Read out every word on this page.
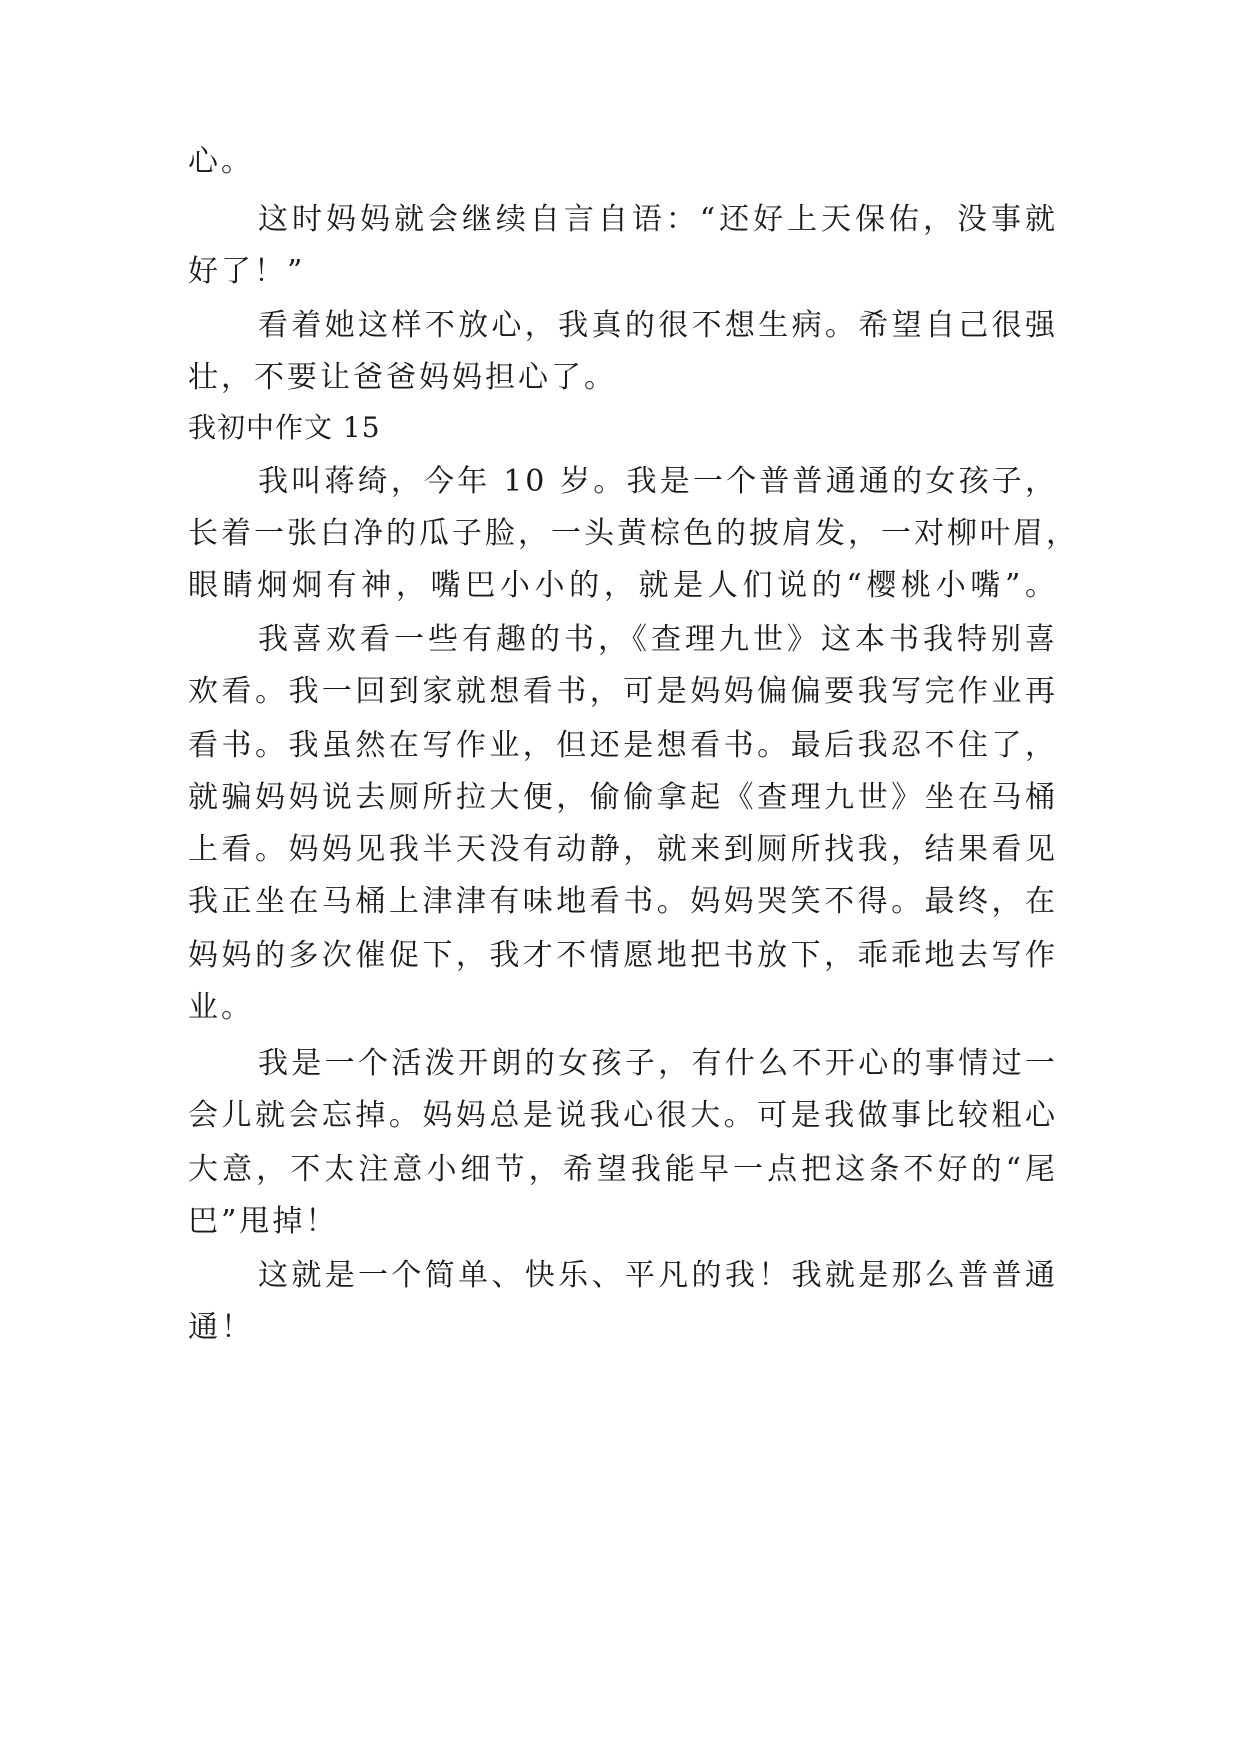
心。
这时妈妈就会继续自言自语：“还好上天保佑，没事就
好了！”
看着她这样不放心，我真的很不想生病。希望自己很强
壮，不要让爸爸妈妈担心了。
我初中作文 15
我叫蒋绮，今年 10 岁。我是一个普普通通的女孩子，
长着一张白净的瓜子脸，一头黄棕色的披肩发，一对柳叶眉，
眼睛炯炯有神，嘴巴小小的，就是人们说的“樱桃小嘴”。
我喜欢看一些有趣的书，《查理九世》这本书我特别喜
欢看。我一回到家就想看书，可是妈妈偏偏要我写完作业再
看书。我虽然在写作业，但还是想看书。最后我忍不住了，
就骗妈妈说去厕所拉大便，偷偷拿起《查理九世》坐在马桶
上看。妈妈见我半天没有动静，就来到厕所找我，结果看见
我正坐在马桶上津津有味地看书。妈妈哭笑不得。最终，在
妈妈的多次催促下，我才不情愿地把书放下，乖乖地去写作
业。
我是一个活泼开朗的女孩子，有什么不开心的事情过一
会儿就会忘掉。妈妈总是说我心很大。可是我做事比较粗心
大意，不太注意小细节，希望我能早一点把这条不好的“尾
巴”甩掉！
这就是一个简单、快乐、平凡的我！我就是那么普普通
通！
